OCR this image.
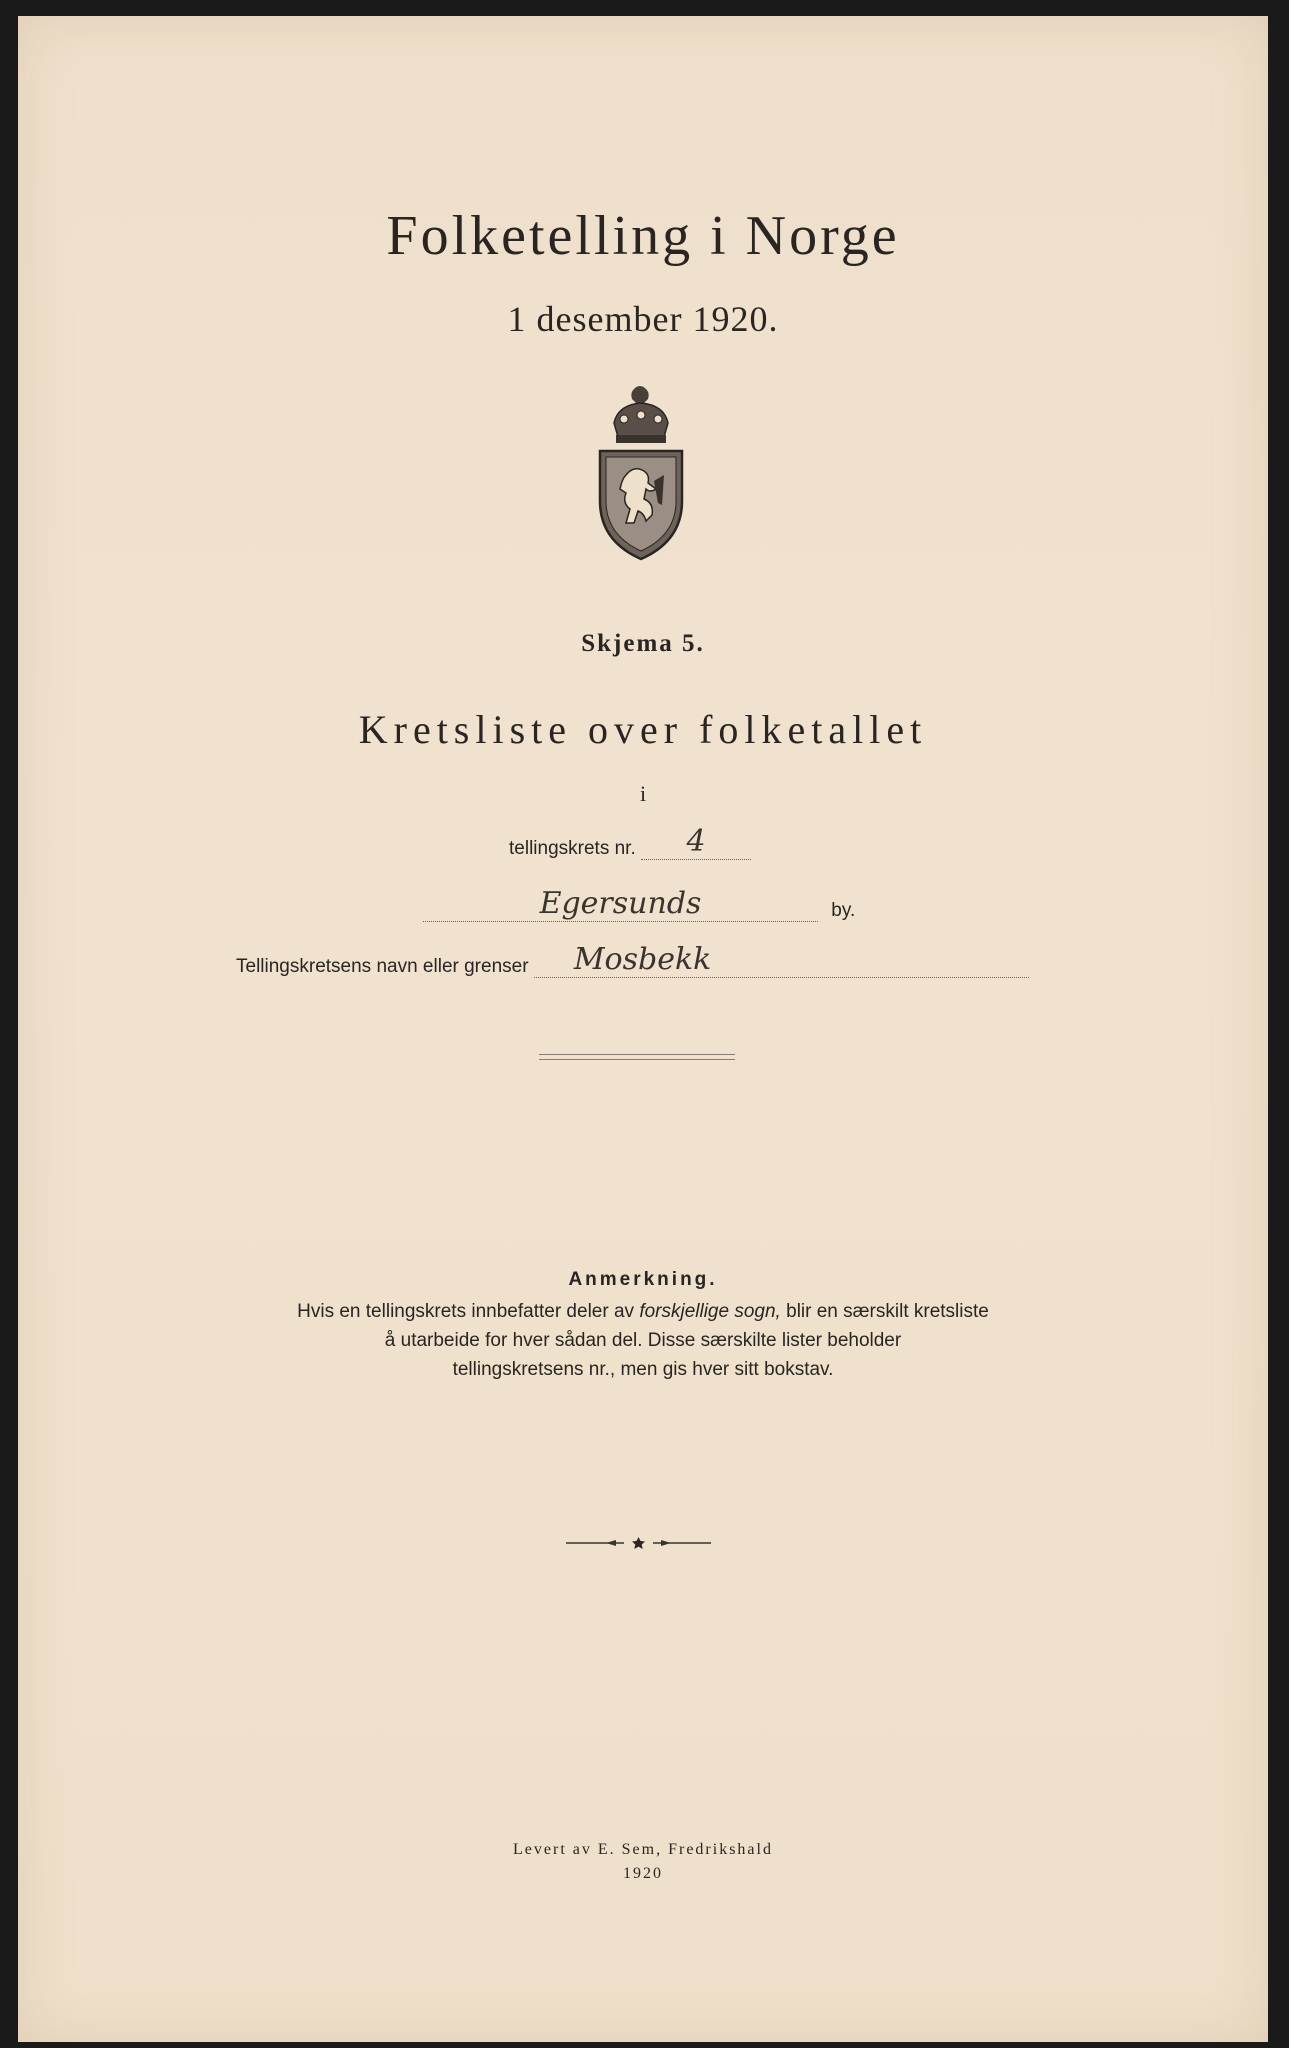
Folketelling i Norge
1 desember 1920.
Skjema 5.
Kretsliste over folketallet
i
tellingskrets nr. 4
Egersunds	by.
Tellingskretsens navn eller grenser Mosbekk
Anmerkning.
Hvis en tellingskrets innbefatter deler av forskjellige sogn, blir en særskilt kretsliste
å utarbeide for hver sådan del. Disse særskilte lister beholder
tellingskretsens nr., men gis hver sitt bokstav.
Levert av E. Sem, Fredrikshald
1920
